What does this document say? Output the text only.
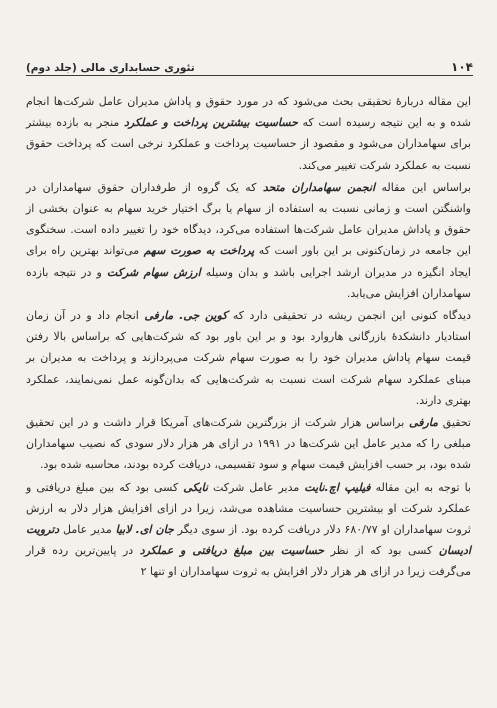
تئوری حسابداری مالی (جلد دوم)	۱۰۴

این مقاله دربارهٔ تحقیقی بحث می‌شود که در مورد حقوق و پاداش مدیران عامل شرکت‌ها انجام شده و به این نتیجه رسیده است که حساسیت بیشترین پرداخت و عملکرد منجر به بازده بیشتر برای سهامداران می‌شود و مقصود از حساسیت پرداخت و عملکرد نرخی است که پرداخت حقوق نسبت به عملکرد شرکت تغییر می‌کند.

براساس این مقاله انجمن سهامداران متحد که یک گروه از طرفداران حقوق سهامداران در واشنگتن است و زمانی نسبت به استفاده از سهام یا برگ اختیار خرید سهام به عنوان بخشی از حقوق و پاداش مدیران عامل شرکت‌ها استفاده می‌کرد، دیدگاه خود را تغییر داده است. سخنگوی این جامعه در زمان‌کنونی بر این باور است که پرداخت به صورت سهم می‌تواند بهترین راه برای ایجاد انگیزه در مدیران ارشد اجرایی باشد و بدان وسیله ارزش سهام شرکت و در نتیجه بازده سهامداران افزایش می‌یابد.

دیدگاه کنونی این انجمن ریشه در تحقیقی دارد که کوین جی. مارفی انجام داد و در آن زمان استادیار دانشکدهٔ بازرگانی هاروارد بود و بر این باور بود که شرکت‌هایی که براساس بالا رفتن قیمت سهام پاداش مدیران خود را به صورت سهام شرکت می‌پردازند و پرداخت به مدیران بر مبنای عملکرد سهام شرکت است نسبت به شرکت‌هایی که بدان‌گونه عمل نمی‌نمایند، عملکرد بهتری دارند.

تحقیق مارفی براساس هزار شرکت از بزرگترین شرکت‌های آمریکا قرار داشت و در این تحقیق مبلغی را که مدیر عامل این شرکت‌ها در ۱۹۹۱ در ازای هر هزار دلار سودی که نصیب سهامداران شده بود، بر حسب افزایش قیمت سهام و سود تقسیمی، دریافت کرده بودند، محاسبه شده بود.

با توجه به این مقاله فیلیپ اچ.نایت مدیر عامل شرکت نایکی کسی بود که بین مبلغ دریافتی و عملکرد شرکت او بیشترین حساسیت مشاهده می‌شد، زیرا در ازای افزایش هزار دلار به ارزش ثروت سهامداران او ۶۸۰/۷۷ دلار دریافت کرده بود. از سوی دیگر جان ای. لابیا مدیر عامل دترویت ادیسان کسی بود که از نظر حساسیت بین مبلغ دریافتی و عملکرد در پایین‌ترین رده قرار می‌گرفت زیرا در ازای هر هزار دلار افزایش به ثروت سهامداران او تنها ۲
